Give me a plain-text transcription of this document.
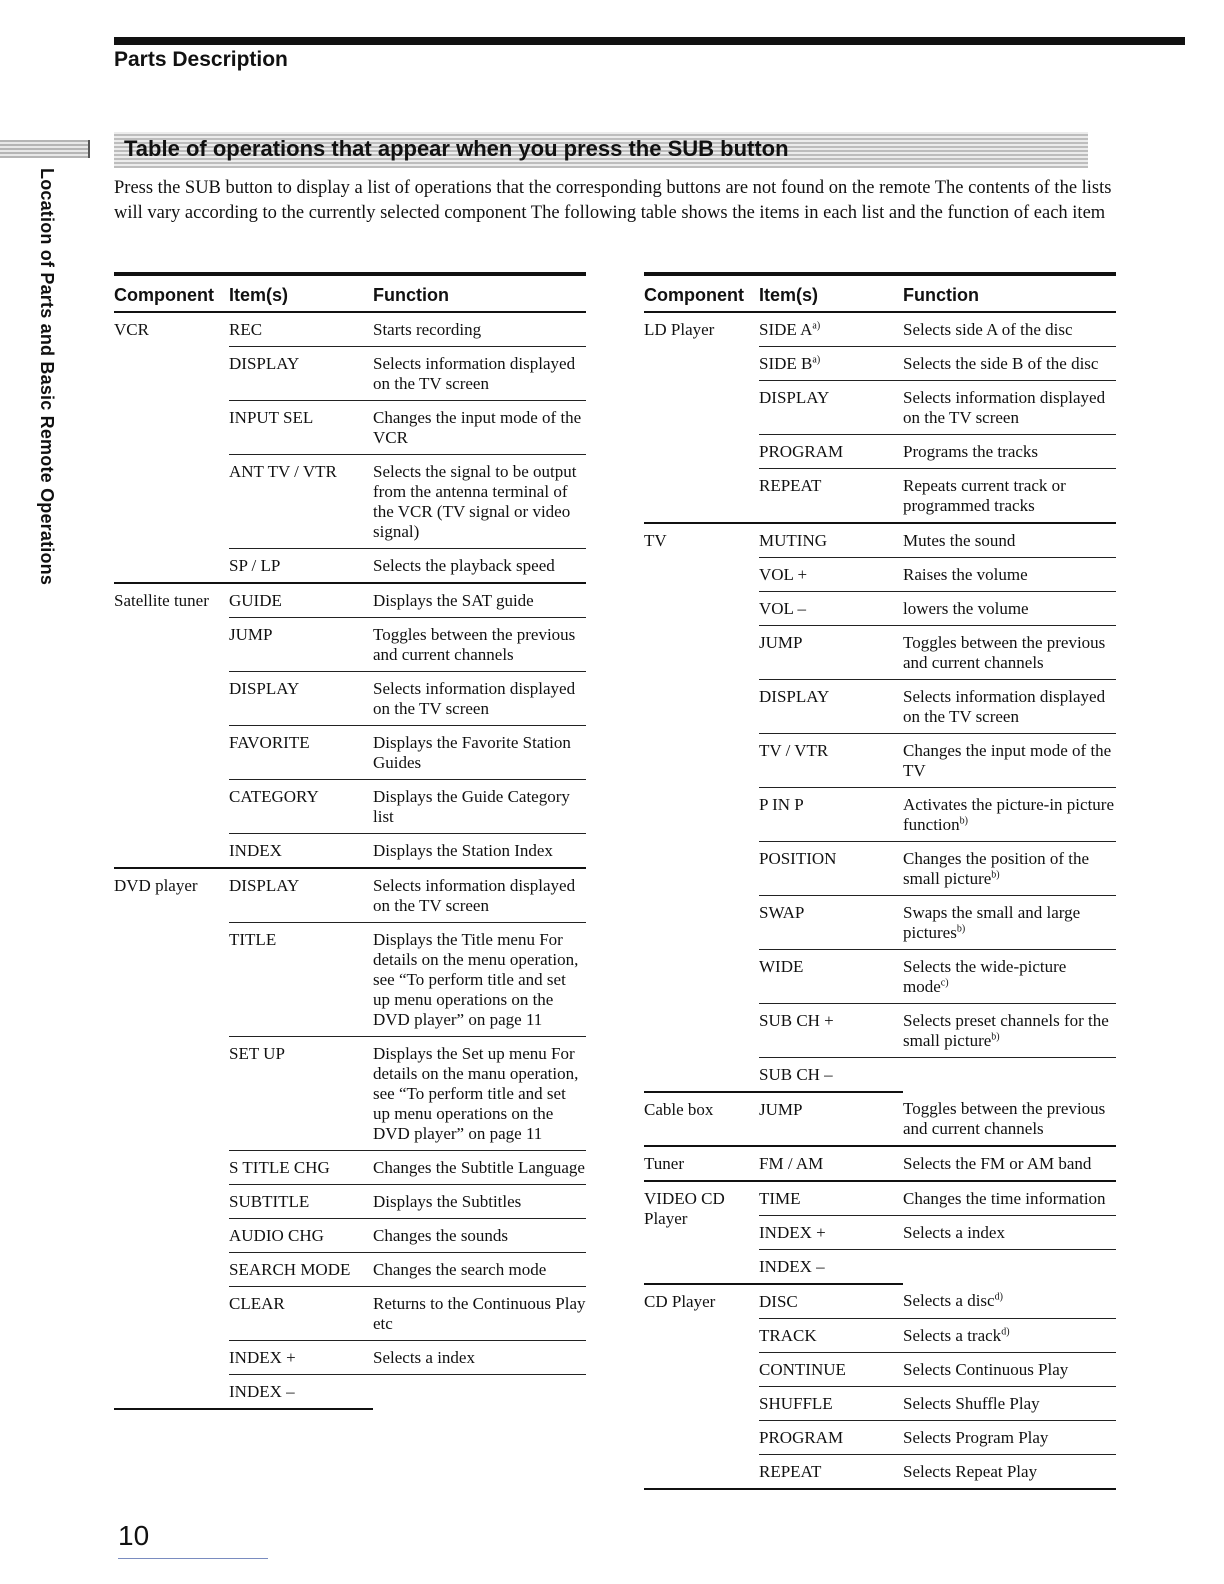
Parts Description
Location of Parts and Basic Remote Operations
Table of operations that appear when you press the SUB button
Press the SUB button to display a list of operations that the corresponding buttons are not found on the remote The contents of the lists will vary according to the currently selected component The following table shows the items in each list and the function of each item
Component	Item(s)	Function
VCR	REC	Starts recording
	DISPLAY	Selects information displayed on the TV screen
	INPUT SEL	Changes the input mode of the VCR
	ANT TV / VTR	Selects the signal to be output from the antenna terminal of the VCR (TV signal or video signal)
	SP / LP	Selects the playback speed
Satellite tuner	GUIDE	Displays the SAT guide
	JUMP	Toggles between the previous and current channels
	DISPLAY	Selects information displayed on the TV screen
	FAVORITE	Displays the Favorite Station Guides
	CATEGORY	Displays the Guide Category list
	INDEX	Displays the Station Index
DVD player	DISPLAY	Selects information displayed on the TV screen
	TITLE	Displays the Title menu For details on the menu operation, see “To perform title and set up menu operations on the DVD player” on page 11
	SET UP	Displays the Set up menu For details on the manu operation, see “To perform title and set up menu operations on the DVD player” on page 11
	S TITLE CHG	Changes the Subtitle Language
	SUBTITLE	Displays the Subtitles
	AUDIO CHG	Changes the sounds
	SEARCH MODE	Changes the search mode
	CLEAR	Returns to the Continuous Play etc
	INDEX +	Selects a index
	INDEX –	
Component	Item(s)	Function
LD Player	SIDE $A^{a)}$	Selects side A of the disc
	SIDE $B^{a)}$	Selects the side B of the disc
	DISPLAY	Selects information displayed on the TV screen
	PROGRAM	Programs the tracks
	REPEAT	Repeats current track or programmed tracks
TV	MUTING	Mutes the sound
	VOL +	Raises the volume
	VOL –	lowers the volume
	JUMP	Toggles between the previous and current channels
	DISPLAY	Selects information displayed on the TV screen
	TV / VTR	Changes the input mode of the TV
	P IN P	Activates the picture-in picture function$^{b)}$
	POSITION	Changes the position of the small picture$^{b)}$
	SWAP	Swaps the small and large pictures$^{b)}$
	WIDE	Selects the wide-picture mode$^{c)}$
	SUB CH +	Selects preset channels for the small picture$^{b)}$
	SUB CH –	
Cable box	JUMP	Toggles between the previous and current channels
Tuner	FM / AM	Selects the FM or AM band
VIDEO CD Player	TIME	Changes the time information
	INDEX +	Selects a index
	INDEX –	
CD Player	DISC	Selects a disc$^{d)}$
	TRACK	Selects a track$^{d)}$
	CONTINUE	Selects Continuous Play
	SHUFFLE	Selects Shuffle Play
	PROGRAM	Selects Program Play
	REPEAT	Selects Repeat Play
10
